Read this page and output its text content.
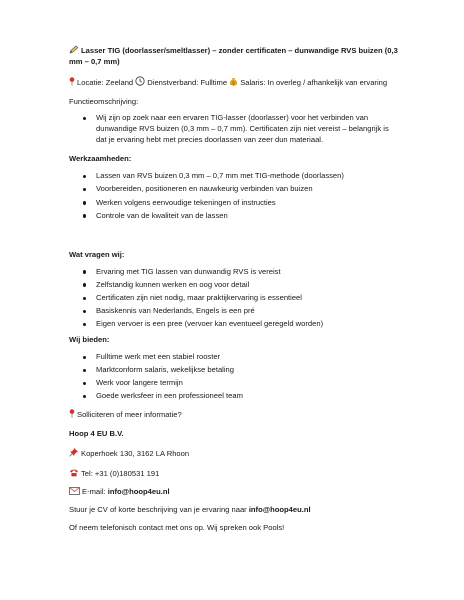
Lasser TIG (doorlasser/smeltlasser) – zonder certificaten – dunwandige RVS buizen (0,3 mm – 0,7 mm)

Locatie: Zeeland Dienstverband: Fulltime $ Salaris: In overleg / afhankelijk van ervaring

Functieomschrijving:

Wij zijn op zoek naar een ervaren TIG-lasser (doorlasser) voor het verbinden van dunwandige RVS buizen (0,3 mm – 0,7 mm). Certificaten zijn niet vereist – belangrijk is dat je ervaring hebt met precies doorlassen van zeer dun materiaal.

Werkzaamheden:

Lassen van RVS buizen 0,3 mm – 0,7 mm met TIG-methode (doorlassen)
Voorbereiden, positioneren en nauwkeurig verbinden van buizen
Werken volgens eenvoudige tekeningen of instructies
Controle van de kwaliteit van de lassen

Wat vragen wij:

Ervaring met TIG lassen van dunwandig RVS is vereist
Zelfstandig kunnen werken en oog voor detail
Certificaten zijn niet nodig, maar praktijkervaring is essentieel
Basiskennis van Nederlands, Engels is een pré
Eigen vervoer is een pree (vervoer kan eventueel geregeld worden)

Wij bieden:

Fulltime werk met een stabiel rooster
Marktconform salaris, wekelijkse betaling
Werk voor langere termijn
Goede werksfeer in een professioneel team

Solliciteren of meer informatie?

Hoop 4 EU B.V.

Koperhoek 130, 3162 LA Rhoon

Tel: +31 (0)180531 191

E-mail: info@hoop4eu.nl

Stuur je CV of korte beschrijving van je ervaring naar info@hoop4eu.nl

Of neem telefonisch contact met ons op. Wij spreken ook Pools!
